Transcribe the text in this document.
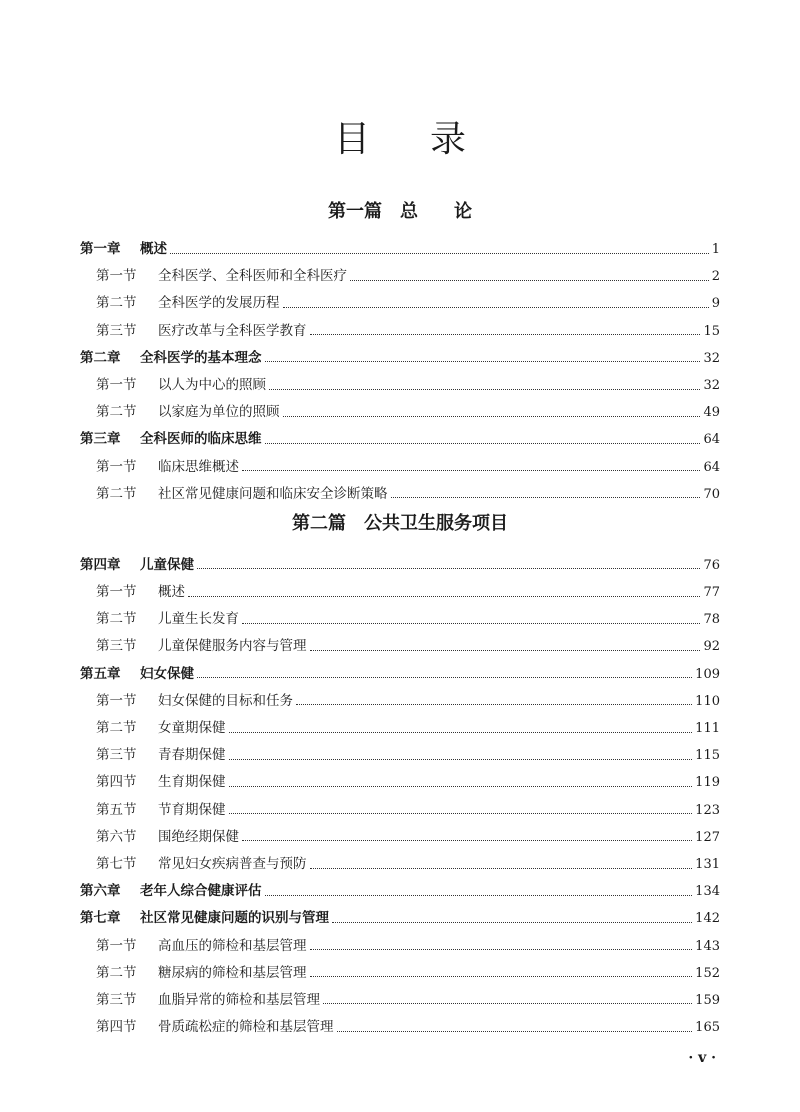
目录
第一篇　总　　论
第一章	概述	1
第一节	全科医学、全科医师和全科医疗	2
第二节	全科医学的发展历程	9
第三节	医疗改革与全科医学教育	15
第二章	全科医学的基本理念	32
第一节	以人为中心的照顾	32
第二节	以家庭为单位的照顾	49
第三章	全科医师的临床思维	64
第一节	临床思维概述	64
第二节	社区常见健康问题和临床安全诊断策略	70
第二篇　公共卫生服务项目
第四章	儿童保健	76
第一节	概述	77
第二节	儿童生长发育	78
第三节	儿童保健服务内容与管理	92
第五章	妇女保健	109
第一节	妇女保健的目标和任务	110
第二节	女童期保健	111
第三节	青春期保健	115
第四节	生育期保健	119
第五节	节育期保健	123
第六节	围绝经期保健	127
第七节	常见妇女疾病普查与预防	131
第六章	老年人综合健康评估	134
第七章	社区常见健康问题的识别与管理	142
第一节	高血压的筛检和基层管理	143
第二节	糖尿病的筛检和基层管理	152
第三节	血脂异常的筛检和基层管理	159
第四节	骨质疏松症的筛检和基层管理	165
· v ·
